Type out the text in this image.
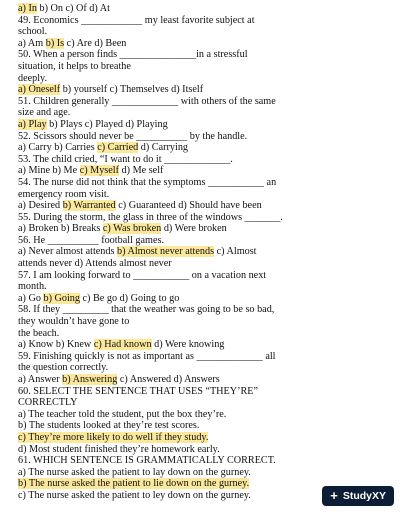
a) In b) On c) Of d) At
49. Economics ____________ my least favorite subject at
school.
a) Am b) Is c) Are d) Been
50. When a person finds _______________in a stressful
situation, it helps to breathe
deeply.
a) Oneself b) yourself c) Themselves d) Itself
51. Children generally _____________ with others of the same
size and age.
a) Play b) Plays c) Played d) Playing
52. Scissors should never be __________ by the handle.
a) Carry b) Carries c) Carried d) Carrying
53. The child cried, “I want to do it _____________.
a) Mine b) Me c) Myself d) Me self
54. The nurse did not think that the symptoms ___________ an
emergency room visit.
a) Desired b) Warranted c) Guaranteed d) Should have been
55. During the storm, the glass in three of the windows _______.
a) Broken b) Breaks c) Was broken d) Were broken
56. He __________ football games.
a) Never almost attends b) Almost never attends c) Almost
attends never d) Attends almost never
57. I am looking forward to ___________ on a vacation next
month.
a) Go b) Going c) Be go d) Going to go
58. If they _________ that the weather was going to be so bad,
they wouldn’t have gone to
the beach.
a) Know b) Knew c) Had known d) Were knowing
59. Finishing quickly is not as important as _____________ all
the question correctly.
a) Answer b) Answering c) Answered d) Answers
60. SELECT THE SENTENCE THAT USES “THEY’RE”
CORRECTLY
a) The teacher told the student, put the box they’re.
b) The students looked at they’re test scores.
c) They’re more likely to do well if they study.
d) Most student finished they’re homework early.
61. WHICH SENTENCE IS GRAMMATICALLY CORRECT.
a) The nurse asked the patient to lay down on the gurney.
b) The nurse asked the patient to lie down on the gurney.
c) The nurse asked the patient to ley down on the gurney.	+ StudyXY
